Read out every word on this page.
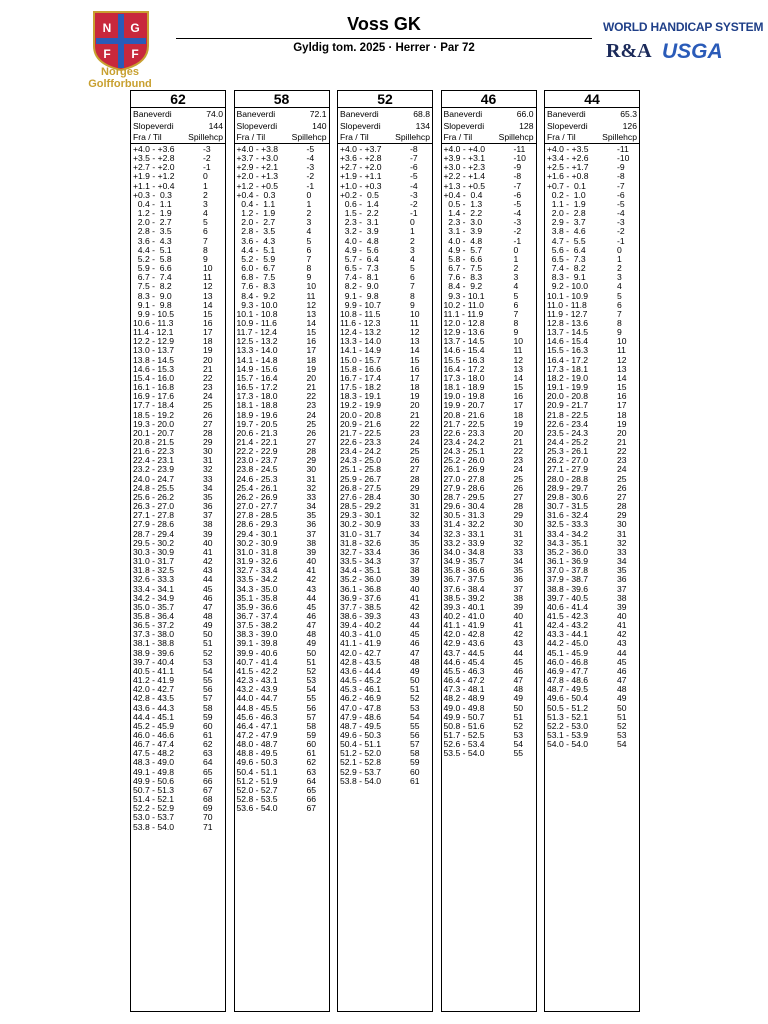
N G
F F
Norges
Golfforbund
Voss GK
Gyldig tom. 2025 · Herrer · Par 72
WORLD HANDICAP SYSTEM
R&A USGA
62
Baneverdi	74.0
Slopeverdi	144
Fra / Til	Spillehcp
+4.0 - +3.6	-3
+3.5 - +2.8	-2
+2.7 - +2.0	-1
+1.9 - +1.2	0
+1.1 - +0.4	1
+0.3 -  0.3	2
0.4 -  1.1	3
1.2 -  1.9	4
2.0 -  2.7	5
2.8 -  3.5	6
3.6 -  4.3	7
4.4 -  5.1	8
5.2 -  5.8	9
5.9 -  6.6	10
6.7 -  7.4	11
7.5 -  8.2	12
8.3 -  9.0	13
9.1 -  9.8	14
9.9 - 10.5	15
10.6 - 11.3	16
11.4 - 12.1	17
12.2 - 12.9	18
13.0 - 13.7	19
13.8 - 14.5	20
14.6 - 15.3	21
15.4 - 16.0	22
16.1 - 16.8	23
16.9 - 17.6	24
17.7 - 18.4	25
18.5 - 19.2	26
19.3 - 20.0	27
20.1 - 20.7	28
20.8 - 21.5	29
21.6 - 22.3	30
22.4 - 23.1	31
23.2 - 23.9	32
24.0 - 24.7	33
24.8 - 25.5	34
25.6 - 26.2	35
26.3 - 27.0	36
27.1 - 27.8	37
27.9 - 28.6	38
28.7 - 29.4	39
29.5 - 30.2	40
30.3 - 30.9	41
31.0 - 31.7	42
31.8 - 32.5	43
32.6 - 33.3	44
33.4 - 34.1	45
34.2 - 34.9	46
35.0 - 35.7	47
35.8 - 36.4	48
36.5 - 37.2	49
37.3 - 38.0	50
38.1 - 38.8	51
38.9 - 39.6	52
39.7 - 40.4	53
40.5 - 41.1	54
41.2 - 41.9	55
42.0 - 42.7	56
42.8 - 43.5	57
43.6 - 44.3	58
44.4 - 45.1	59
45.2 - 45.9	60
46.0 - 46.6	61
46.7 - 47.4	62
47.5 - 48.2	63
48.3 - 49.0	64
49.1 - 49.8	65
49.9 - 50.6	66
50.7 - 51.3	67
51.4 - 52.1	68
52.2 - 52.9	69
53.0 - 53.7	70
53.8 - 54.0	71
58
Baneverdi	72.1
Slopeverdi	140
Fra / Til	Spillehcp
+4.0 - +3.8	-5
+3.7 - +3.0	-4
+2.9 - +2.1	-3
+2.0 - +1.3	-2
+1.2 - +0.5	-1
+0.4 -  0.3	0
0.4 -  1.1	1
1.2 -  1.9	2
2.0 -  2.7	3
2.8 -  3.5	4
3.6 -  4.3	5
4.4 -  5.1	6
5.2 -  5.9	7
6.0 -  6.7	8
6.8 -  7.5	9
7.6 -  8.3	10
8.4 -  9.2	11
9.3 - 10.0	12
10.1 - 10.8	13
10.9 - 11.6	14
11.7 - 12.4	15
12.5 - 13.2	16
13.3 - 14.0	17
14.1 - 14.8	18
14.9 - 15.6	19
15.7 - 16.4	20
16.5 - 17.2	21
17.3 - 18.0	22
18.1 - 18.8	23
18.9 - 19.6	24
19.7 - 20.5	25
20.6 - 21.3	26
21.4 - 22.1	27
22.2 - 22.9	28
23.0 - 23.7	29
23.8 - 24.5	30
24.6 - 25.3	31
25.4 - 26.1	32
26.2 - 26.9	33
27.0 - 27.7	34
27.8 - 28.5	35
28.6 - 29.3	36
29.4 - 30.1	37
30.2 - 30.9	38
31.0 - 31.8	39
31.9 - 32.6	40
32.7 - 33.4	41
33.5 - 34.2	42
34.3 - 35.0	43
35.1 - 35.8	44
35.9 - 36.6	45
36.7 - 37.4	46
37.5 - 38.2	47
38.3 - 39.0	48
39.1 - 39.8	49
39.9 - 40.6	50
40.7 - 41.4	51
41.5 - 42.2	52
42.3 - 43.1	53
43.2 - 43.9	54
44.0 - 44.7	55
44.8 - 45.5	56
45.6 - 46.3	57
46.4 - 47.1	58
47.2 - 47.9	59
48.0 - 48.7	60
48.8 - 49.5	61
49.6 - 50.3	62
50.4 - 51.1	63
51.2 - 51.9	64
52.0 - 52.7	65
52.8 - 53.5	66
53.6 - 54.0	67
52
Baneverdi	68.8
Slopeverdi	134
Fra / Til	Spillehcp
+4.0 - +3.7	-8
+3.6 - +2.8	-7
+2.7 - +2.0	-6
+1.9 - +1.1	-5
+1.0 - +0.3	-4
+0.2 -  0.5	-3
0.6 -  1.4	-2
1.5 -  2.2	-1
2.3 -  3.1	0
3.2 -  3.9	1
4.0 -  4.8	2
4.9 -  5.6	3
5.7 -  6.4	4
6.5 -  7.3	5
7.4 -  8.1	6
8.2 -  9.0	7
9.1 -  9.8	8
9.9 - 10.7	9
10.8 - 11.5	10
11.6 - 12.3	11
12.4 - 13.2	12
13.3 - 14.0	13
14.1 - 14.9	14
15.0 - 15.7	15
15.8 - 16.6	16
16.7 - 17.4	17
17.5 - 18.2	18
18.3 - 19.1	19
19.2 - 19.9	20
20.0 - 20.8	21
20.9 - 21.6	22
21.7 - 22.5	23
22.6 - 23.3	24
23.4 - 24.2	25
24.3 - 25.0	26
25.1 - 25.8	27
25.9 - 26.7	28
26.8 - 27.5	29
27.6 - 28.4	30
28.5 - 29.2	31
29.3 - 30.1	32
30.2 - 30.9	33
31.0 - 31.7	34
31.8 - 32.6	35
32.7 - 33.4	36
33.5 - 34.3	37
34.4 - 35.1	38
35.2 - 36.0	39
36.1 - 36.8	40
36.9 - 37.6	41
37.7 - 38.5	42
38.6 - 39.3	43
39.4 - 40.2	44
40.3 - 41.0	45
41.1 - 41.9	46
42.0 - 42.7	47
42.8 - 43.5	48
43.6 - 44.4	49
44.5 - 45.2	50
45.3 - 46.1	51
46.2 - 46.9	52
47.0 - 47.8	53
47.9 - 48.6	54
48.7 - 49.5	55
49.6 - 50.3	56
50.4 - 51.1	57
51.2 - 52.0	58
52.1 - 52.8	59
52.9 - 53.7	60
53.8 - 54.0	61
46
Baneverdi	66.0
Slopeverdi	128
Fra / Til	Spillehcp
+4.0 - +4.0	-11
+3.9 - +3.1	-10
+3.0 - +2.3	-9
+2.2 - +1.4	-8
+1.3 - +0.5	-7
+0.4 -  0.4	-6
0.5 -  1.3	-5
1.4 -  2.2	-4
2.3 -  3.0	-3
3.1 -  3.9	-2
4.0 -  4.8	-1
4.9 -  5.7	0
5.8 -  6.6	1
6.7 -  7.5	2
7.6 -  8.3	3
8.4 -  9.2	4
9.3 - 10.1	5
10.2 - 11.0	6
11.1 - 11.9	7
12.0 - 12.8	8
12.9 - 13.6	9
13.7 - 14.5	10
14.6 - 15.4	11
15.5 - 16.3	12
16.4 - 17.2	13
17.3 - 18.0	14
18.1 - 18.9	15
19.0 - 19.8	16
19.9 - 20.7	17
20.8 - 21.6	18
21.7 - 22.5	19
22.6 - 23.3	20
23.4 - 24.2	21
24.3 - 25.1	22
25.2 - 26.0	23
26.1 - 26.9	24
27.0 - 27.8	25
27.9 - 28.6	26
28.7 - 29.5	27
29.6 - 30.4	28
30.5 - 31.3	29
31.4 - 32.2	30
32.3 - 33.1	31
33.2 - 33.9	32
34.0 - 34.8	33
34.9 - 35.7	34
35.8 - 36.6	35
36.7 - 37.5	36
37.6 - 38.4	37
38.5 - 39.2	38
39.3 - 40.1	39
40.2 - 41.0	40
41.1 - 41.9	41
42.0 - 42.8	42
42.9 - 43.6	43
43.7 - 44.5	44
44.6 - 45.4	45
45.5 - 46.3	46
46.4 - 47.2	47
47.3 - 48.1	48
48.2 - 48.9	49
49.0 - 49.8	50
49.9 - 50.7	51
50.8 - 51.6	52
51.7 - 52.5	53
52.6 - 53.4	54
53.5 - 54.0	55
44
Baneverdi	65.3
Slopeverdi	126
Fra / Til	Spillehcp
+4.0 - +3.5	-11
+3.4 - +2.6	-10
+2.5 - +1.7	-9
+1.6 - +0.8	-8
+0.7 -  0.1	-7
0.2 -  1.0	-6
1.1 -  1.9	-5
2.0 -  2.8	-4
2.9 -  3.7	-3
3.8 -  4.6	-2
4.7 -  5.5	-1
5.6 -  6.4	0
6.5 -  7.3	1
7.4 -  8.2	2
8.3 -  9.1	3
9.2 - 10.0	4
10.1 - 10.9	5
11.0 - 11.8	6
11.9 - 12.7	7
12.8 - 13.6	8
13.7 - 14.5	9
14.6 - 15.4	10
15.5 - 16.3	11
16.4 - 17.2	12
17.3 - 18.1	13
18.2 - 19.0	14
19.1 - 19.9	15
20.0 - 20.8	16
20.9 - 21.7	17
21.8 - 22.5	18
22.6 - 23.4	19
23.5 - 24.3	20
24.4 - 25.2	21
25.3 - 26.1	22
26.2 - 27.0	23
27.1 - 27.9	24
28.0 - 28.8	25
28.9 - 29.7	26
29.8 - 30.6	27
30.7 - 31.5	28
31.6 - 32.4	29
32.5 - 33.3	30
33.4 - 34.2	31
34.3 - 35.1	32
35.2 - 36.0	33
36.1 - 36.9	34
37.0 - 37.8	35
37.9 - 38.7	36
38.8 - 39.6	37
39.7 - 40.5	38
40.6 - 41.4	39
41.5 - 42.3	40
42.4 - 43.2	41
43.3 - 44.1	42
44.2 - 45.0	43
45.1 - 45.9	44
46.0 - 46.8	45
46.9 - 47.7	46
47.8 - 48.6	47
48.7 - 49.5	48
49.6 - 50.4	49
50.5 - 51.2	50
51.3 - 52.1	51
52.2 - 53.0	52
53.1 - 53.9	53
54.0 - 54.0	54
